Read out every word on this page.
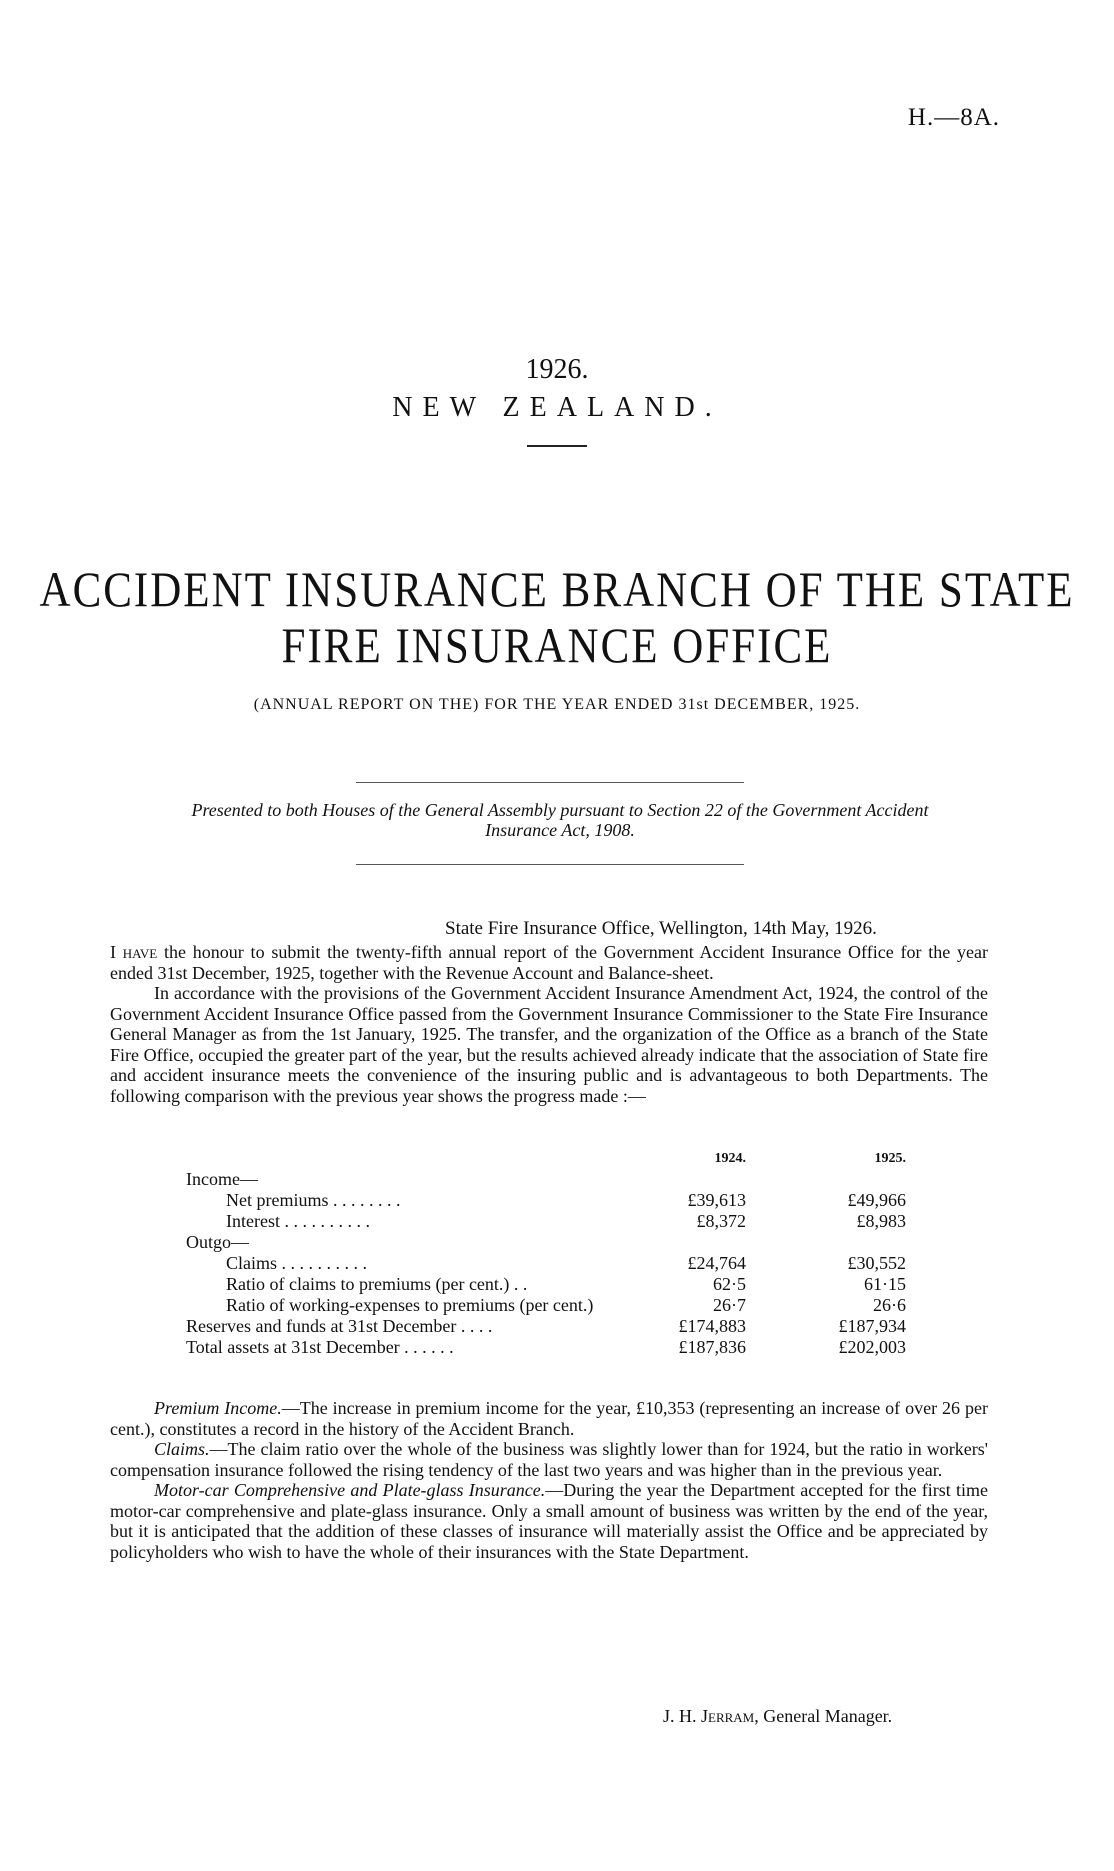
H.—8A.
1926.
NEW ZEALAND.
ACCIDENT INSURANCE BRANCH OF THE STATE
FIRE INSURANCE OFFICE
(ANNUAL REPORT ON THE) FOR THE YEAR ENDED 31st DECEMBER, 1925.
Presented to both Houses of the General Assembly pursuant to Section 22 of the Government Accident
Insurance Act, 1908.
State Fire Insurance Office, Wellington, 14th May, 1926.

I have the honour to submit the twenty-fifth annual report of the Government Accident Insurance Office for the year ended 31st December, 1925, together with the Revenue Account and Balance-sheet.

In accordance with the provisions of the Government Accident Insurance Amendment Act, 1924, the control of the Government Accident Insurance Office passed from the Government Insurance Commissioner to the State Fire Insurance General Manager as from the 1st January, 1925. The transfer, and the organization of the Office as a branch of the State Fire Office, occupied the greater part of the year, but the results achieved already indicate that the association of State fire and accident insurance meets the convenience of the insuring public and is advantageous to both Departments. The following comparison with the previous year shows the progress made :—

	1924.	1925.
Income—		
Net premiums . . . . . . . .	£39,613	£49,966
Interest . . . . . . . . . .	£8,372	£8,983
Outgo—		
Claims . . . . . . . . . .	£24,764	£30,552
Ratio of claims to premiums (per cent.) . .	62·5	61·15
Ratio of working-expenses to premiums (per cent.)	26·7	26·6
Reserves and funds at 31st December . . . .	£174,883	£187,934
Total assets at 31st December . . . . . .	£187,836	£202,003

Premium Income.—The increase in premium income for the year, £10,353 (representing an increase of over 26 per cent.), constitutes a record in the history of the Accident Branch.

Claims.—The claim ratio over the whole of the business was slightly lower than for 1924, but the ratio in workers' compensation insurance followed the rising tendency of the last two years and was higher than in the previous year.

Motor-car Comprehensive and Plate-glass Insurance.—During the year the Department accepted for the first time motor-car comprehensive and plate-glass insurance. Only a small amount of business was written by the end of the year, but it is anticipated that the addition of these classes of insurance will materially assist the Office and be appreciated by policyholders who wish to have the whole of their insurances with the State Department.

J. H. Jerram, General Manager.
